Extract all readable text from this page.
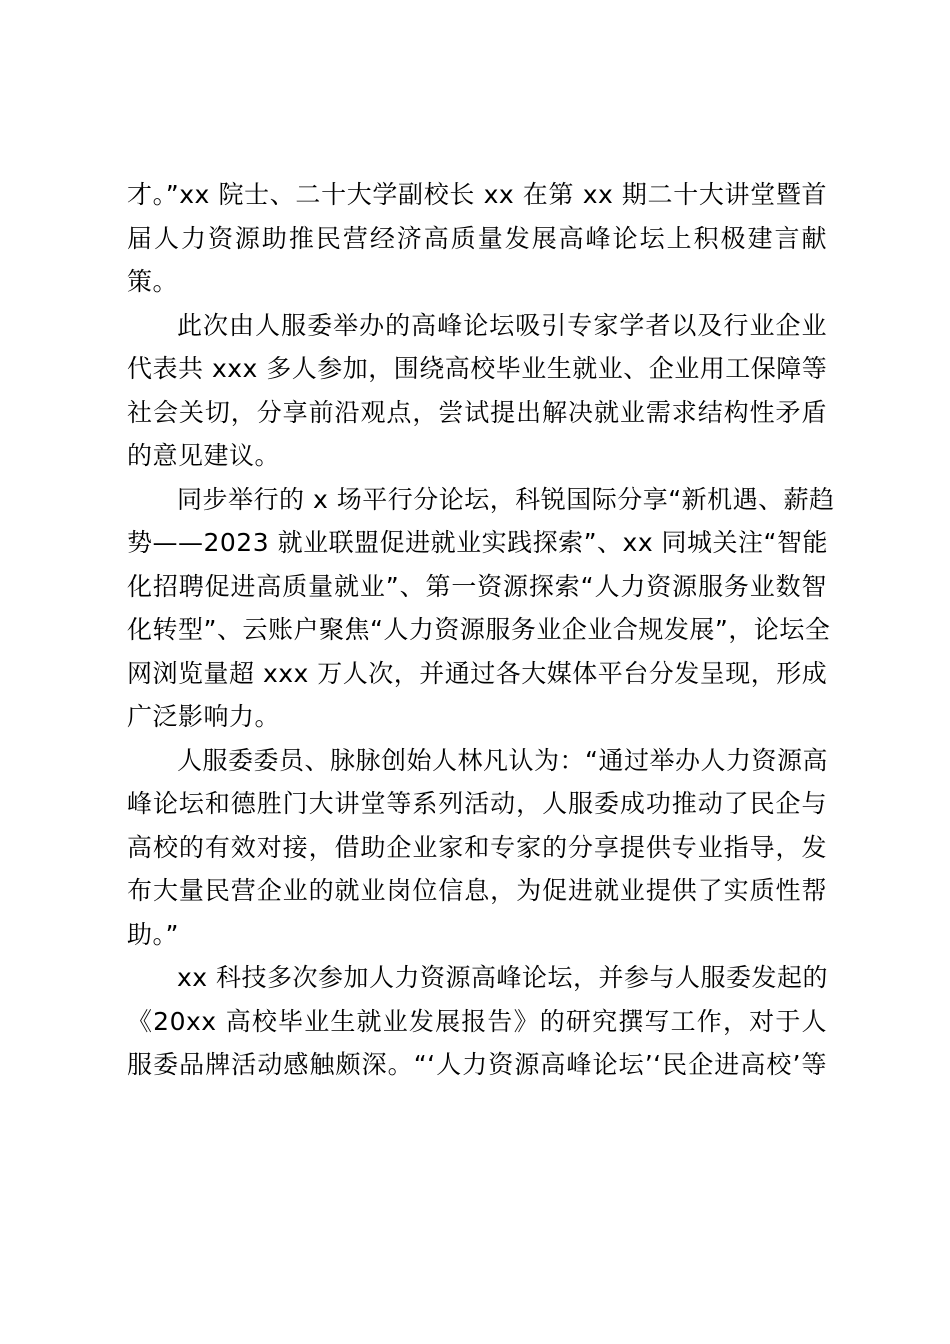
才。”xx 院士、二十大学副校长 xx 在第 xx 期二十大讲堂暨首
届人力资源助推民营经济高质量发展高峰论坛上积极建言献
策。
此次由人服委举办的高峰论坛吸引专家学者以及行业企业
代表共 xxx 多人参加，围绕高校毕业生就业、企业用工保障等
社会关切，分享前沿观点，尝试提出解决就业需求结构性矛盾
的意见建议。
同步举行的 x 场平行分论坛，科锐国际分享“新机遇、薪趋
势——2023 就业联盟促进就业实践探索”、xx 同城关注“智能
化招聘促进高质量就业”、第一资源探索“人力资源服务业数智
化转型”、云账户聚焦“人力资源服务业企业合规发展”，论坛全
网浏览量超 xxx 万人次，并通过各大媒体平台分发呈现，形成
广泛影响力。
人服委委员、脉脉创始人林凡认为：“通过举办人力资源高
峰论坛和德胜门大讲堂等系列活动，人服委成功推动了民企与
高校的有效对接，借助企业家和专家的分享提供专业指导，发
布大量民营企业的就业岗位信息，为促进就业提供了实质性帮
助。”
xx 科技多次参加人力资源高峰论坛，并参与人服委发起的
《20xx 高校毕业生就业发展报告》的研究撰写工作，对于人
服委品牌活动感触颇深。“‘人力资源高峰论坛’‘民企进高校’等
